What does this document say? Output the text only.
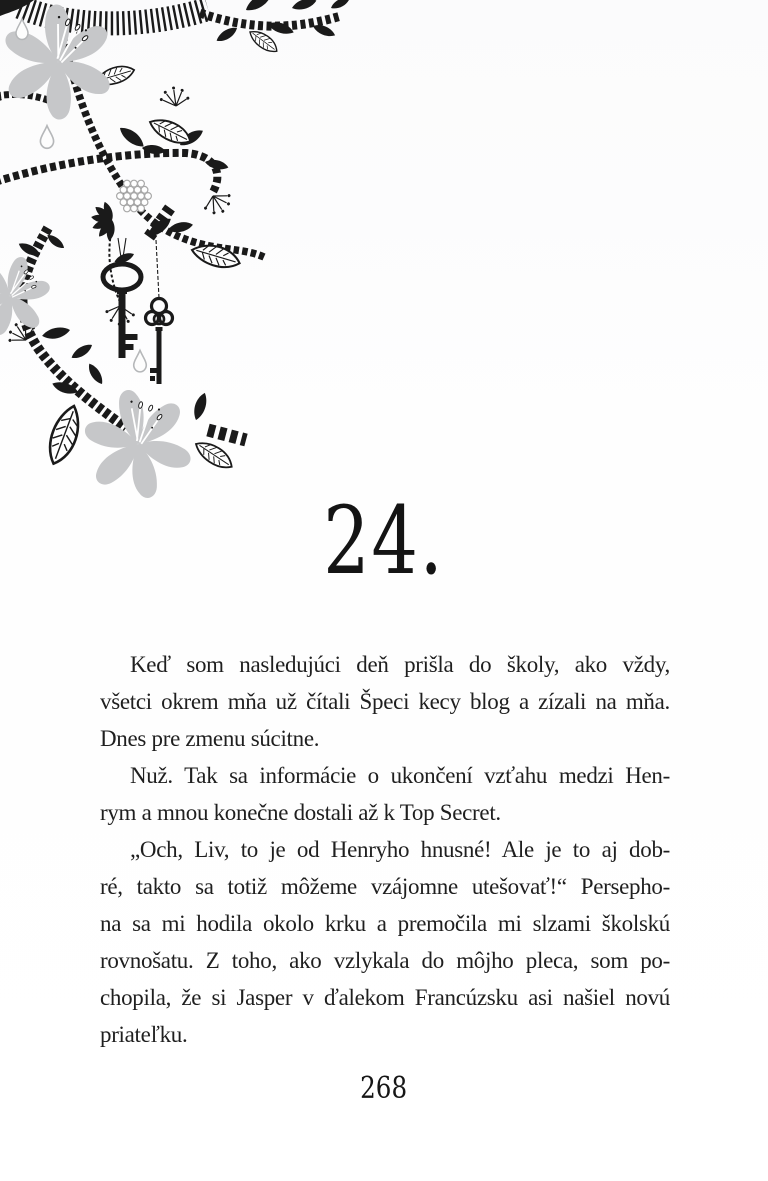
24.
Keď som nasledujúci deň prišla do školy, ako vždy,
všetci okrem mňa už čítali Špeci kecy blog a zízali na mňa.
Dnes pre zmenu súcitne.
Nuž. Tak sa informácie o ukončení vzťahu medzi Hen-
rym a mnou konečne dostali až k Top Secret.
„Och, Liv, to je od Henryho hnusné! Ale je to aj dob-
ré, takto sa totiž môžeme vzájomne utešovať!“ Persepho-
na sa mi hodila okolo krku a premočila mi slzami školskú
rovnošatu. Z toho, ako vzlykala do môjho pleca, som po-
chopila, že si Jasper v ďalekom Francúzsku asi našiel novú
priateľku.
268
